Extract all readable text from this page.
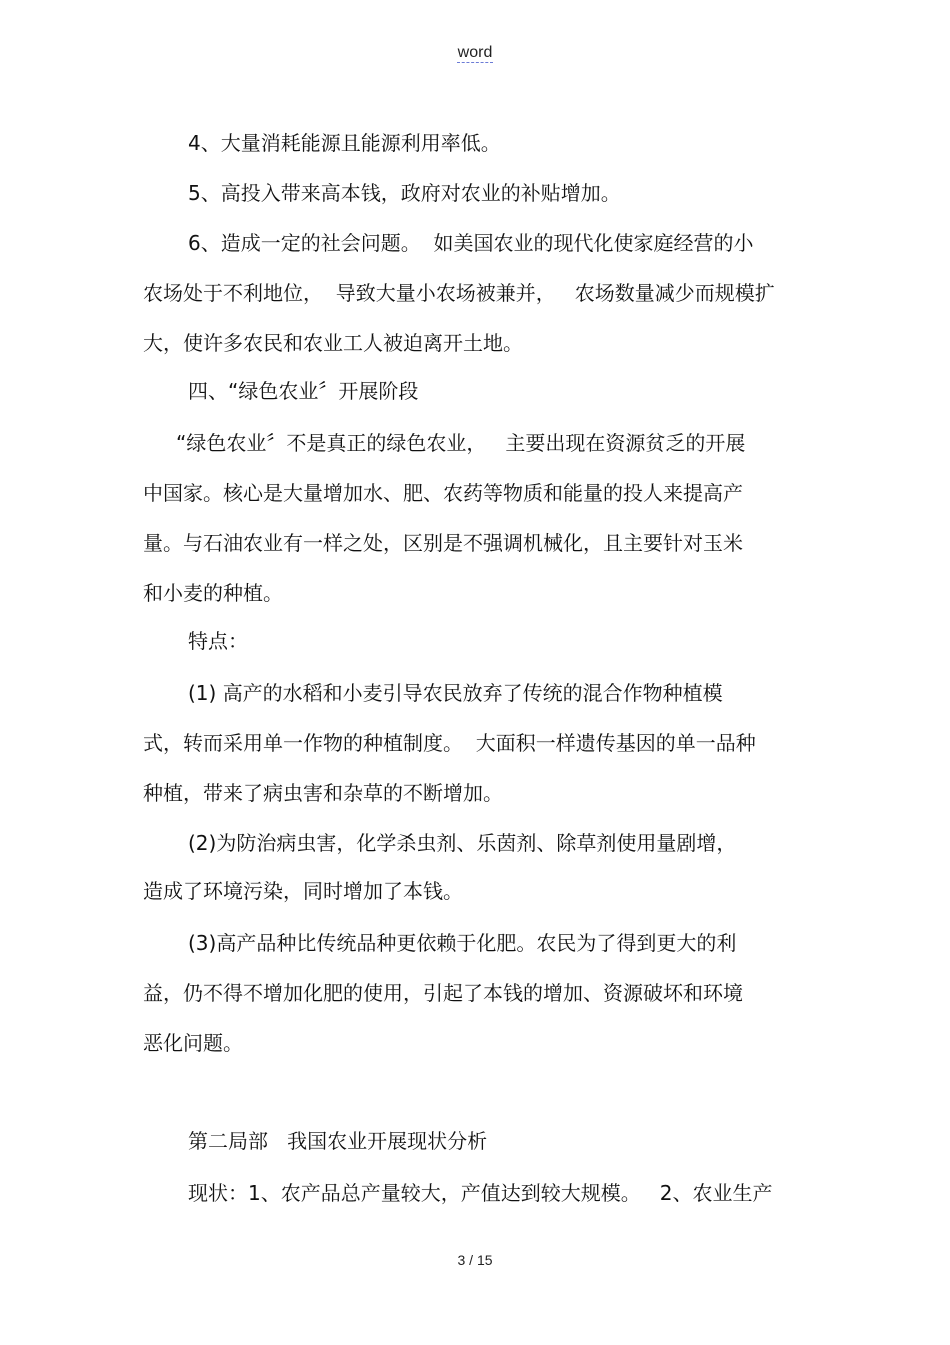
word
4、大量消耗能源且能源利用率低。
5、高投入带来高本钱，政府对农业的补贴增加。
6、造成一定的社会问题。  如美国农业的现代化使家庭经营的小
农场处于不利地位，  导致大量小农场被兼并，   农场数量减少而规模扩
大，使许多农民和农业工人被迫离开土地。
四、“绿色农业〞开展阶段
“绿色农业〞不是真正的绿色农业，   主要出现在资源贫乏的开展
中国家。核心是大量增加水、肥、农药等物质和能量的投人来提高产
量。与石油农业有一样之处，区别是不强调机械化，且主要针对玉米
和小麦的种植。
特点：
(1) 高产的水稻和小麦引导农民放弃了传统的混合作物种植模
式，转而采用单一作物的种植制度。  大面积一样遗传基因的单一品种
种植，带来了病虫害和杂草的不断增加。
(2)为防治病虫害，化学杀虫剂、乐茵剂、除草剂使用量剧增，
造成了环境污染，同时增加了本钱。
(3)高产品种比传统品种更依赖于化肥。农民为了得到更大的利
益，仍不得不增加化肥的使用，引起了本钱的增加、资源破坏和环境
恶化问题。
第二局部   我国农业开展现状分析
现状：1、农产品总产量较大，产值达到较大规模。   2、农业生产
3 / 15
